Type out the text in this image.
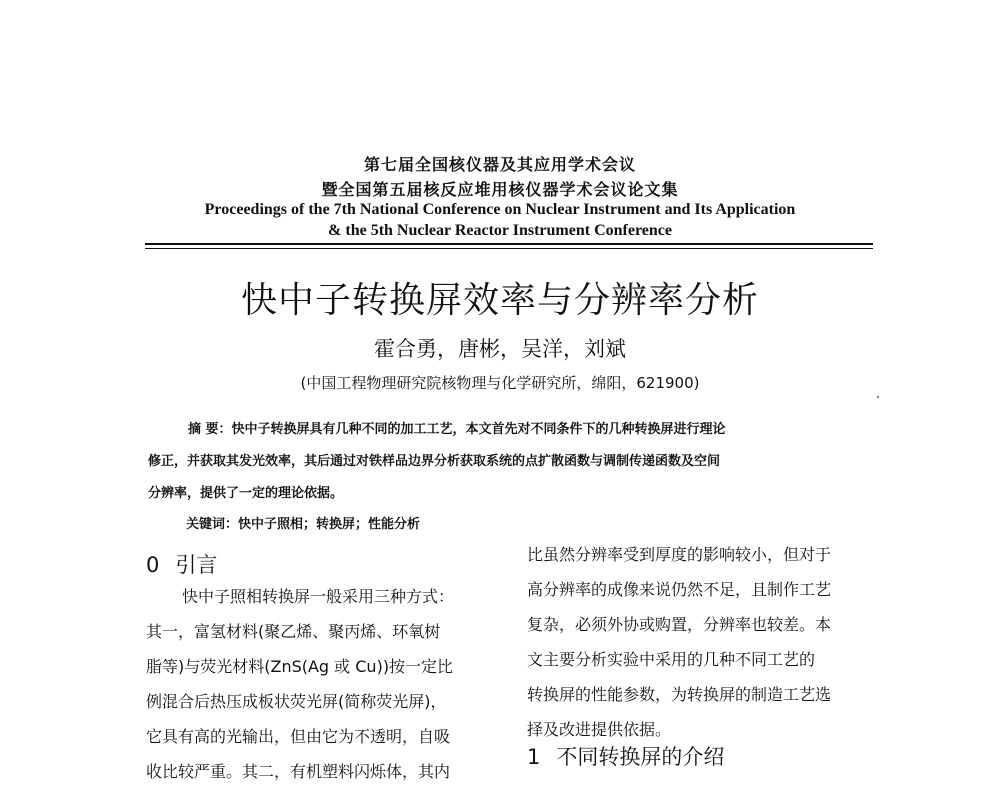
第七届全国核仪器及其应用学术会议
暨全国第五届核反应堆用核仪器学术会议论文集
Proceedings of the 7th National Conference on Nuclear Instrument and Its Application
& the 5th Nuclear Reactor Instrument Conference
快中子转换屏效率与分辨率分析
霍合勇，唐彬，吴洋，刘斌
(中国工程物理研究院核物理与化学研究所，绵阳，621900)
摘 要：快中子转换屏具有几种不同的加工工艺，本文首先对不同条件下的几种转换屏进行理论
修正，并获取其发光效率，其后通过对铁样品边界分析获取系统的点扩散函数与调制传递函数及空间
分辨率，提供了一定的理论依据。
关键词：快中子照相；转换屏；性能分析
0 引言
快中子照相转换屏一般采用三种方式：
其一，富氢材料(聚乙烯、聚丙烯、环氧树
脂等)与荧光材料(ZnS(Ag 或 Cu))按一定比
例混合后热压成板状荧光屏(简称荧光屏)，
它具有高的光输出，但由它为不透明，自吸
收比较严重。其二，有机塑料闪烁体，其内
比虽然分辨率受到厚度的影响较小，但对于
高分辨率的成像来说仍然不足，且制作工艺
复杂，必须外协或购置，分辨率也较差。本
文主要分析实验中采用的几种不同工艺的
转换屏的性能参数，为转换屏的制造工艺选
择及改进提供依据。
1 不同转换屏的介绍
